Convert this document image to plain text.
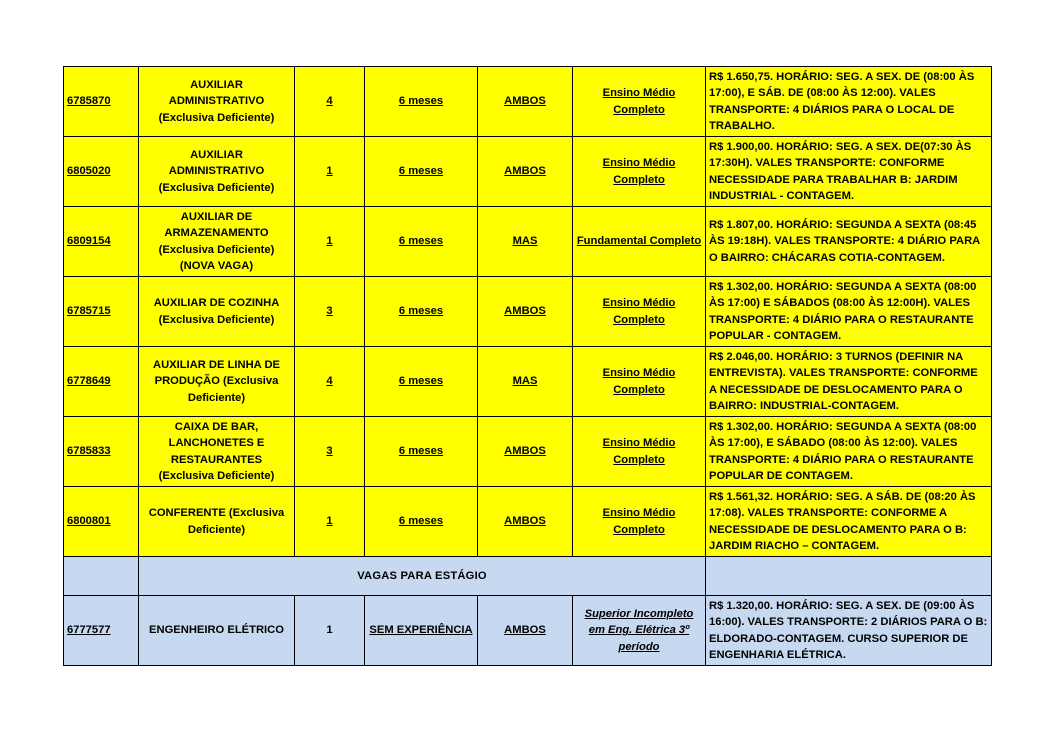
6785870	AUXILIAR ADMINISTRATIVO (Exclusiva Deficiente)	4	6 meses	AMBOS	Ensino Médio Completo	R$ 1.650,75. HORÁRIO: SEG. A SEX. DE (08:00 ÀS 17:00), E SÁB. DE (08:00 ÀS 12:00). VALES TRANSPORTE: 4 DIÁRIOS PARA O LOCAL DE TRABALHO.
6805020	AUXILIAR ADMINISTRATIVO (Exclusiva Deficiente)	1	6 meses	AMBOS	Ensino Médio Completo	R$ 1.900,00. HORÁRIO: SEG. A SEX. DE(07:30 ÀS 17:30H). VALES TRANSPORTE: CONFORME NECESSIDADE PARA TRABALHAR B: JARDIM INDUSTRIAL - CONTAGEM.
6809154	AUXILIAR DE ARMAZENAMENTO (Exclusiva Deficiente) (NOVA VAGA)	1	6 meses	MAS	Fundamental Completo	R$ 1.807,00. HORÁRIO: SEGUNDA A SEXTA (08:45 ÀS 19:18H). VALES TRANSPORTE: 4 DIÁRIO PARA O BAIRRO: CHÁCARAS COTIA-CONTAGEM.
6785715	AUXILIAR DE COZINHA (Exclusiva Deficiente)	3	6 meses	AMBOS	Ensino Médio Completo	R$ 1.302,00. HORÁRIO: SEGUNDA A SEXTA (08:00 ÀS 17:00) E SÁBADOS (08:00 ÀS 12:00H). VALES TRANSPORTE: 4 DIÁRIO PARA O RESTAURANTE POPULAR - CONTAGEM.
6778649	AUXILIAR DE LINHA DE PRODUÇÃO (Exclusiva Deficiente)	4	6 meses	MAS	Ensino Médio Completo	R$ 2.046,00. HORÁRIO: 3 TURNOS (DEFINIR NA ENTREVISTA). VALES TRANSPORTE: CONFORME A NECESSIDADE DE DESLOCAMENTO PARA O BAIRRO: INDUSTRIAL-CONTAGEM.
6785833	CAIXA DE BAR, LANCHONETES E RESTAURANTES (Exclusiva Deficiente)	3	6 meses	AMBOS	Ensino Médio Completo	R$ 1.302,00. HORÁRIO: SEGUNDA A SEXTA (08:00 ÀS 17:00), E SÁBADO (08:00 ÀS 12:00). VALES TRANSPORTE: 4 DIÁRIO PARA O RESTAURANTE POPULAR DE CONTAGEM.
6800801	CONFERENTE (Exclusiva Deficiente)	1	6 meses	AMBOS	Ensino Médio Completo	R$ 1.561,32. HORÁRIO: SEG. A SÁB. DE (08:20 ÀS 17:08). VALES TRANSPORTE: CONFORME A NECESSIDADE DE DESLOCAMENTO PARA O B: JARDIM RIACHO – CONTAGEM.
	VAGAS PARA ESTÁGIO					
6777577	ENGENHEIRO ELÉTRICO	1	SEM EXPERIÊNCIA	AMBOS	Superior Incompleto em Eng. Elétrica 3º período	R$ 1.320,00. HORÁRIO: SEG. A SEX. DE (09:00 ÀS 16:00). VALES TRANSPORTE: 2 DIÁRIOS PARA O B: ELDORADO-CONTAGEM. CURSO SUPERIOR DE ENGENHARIA ELÉTRICA.
